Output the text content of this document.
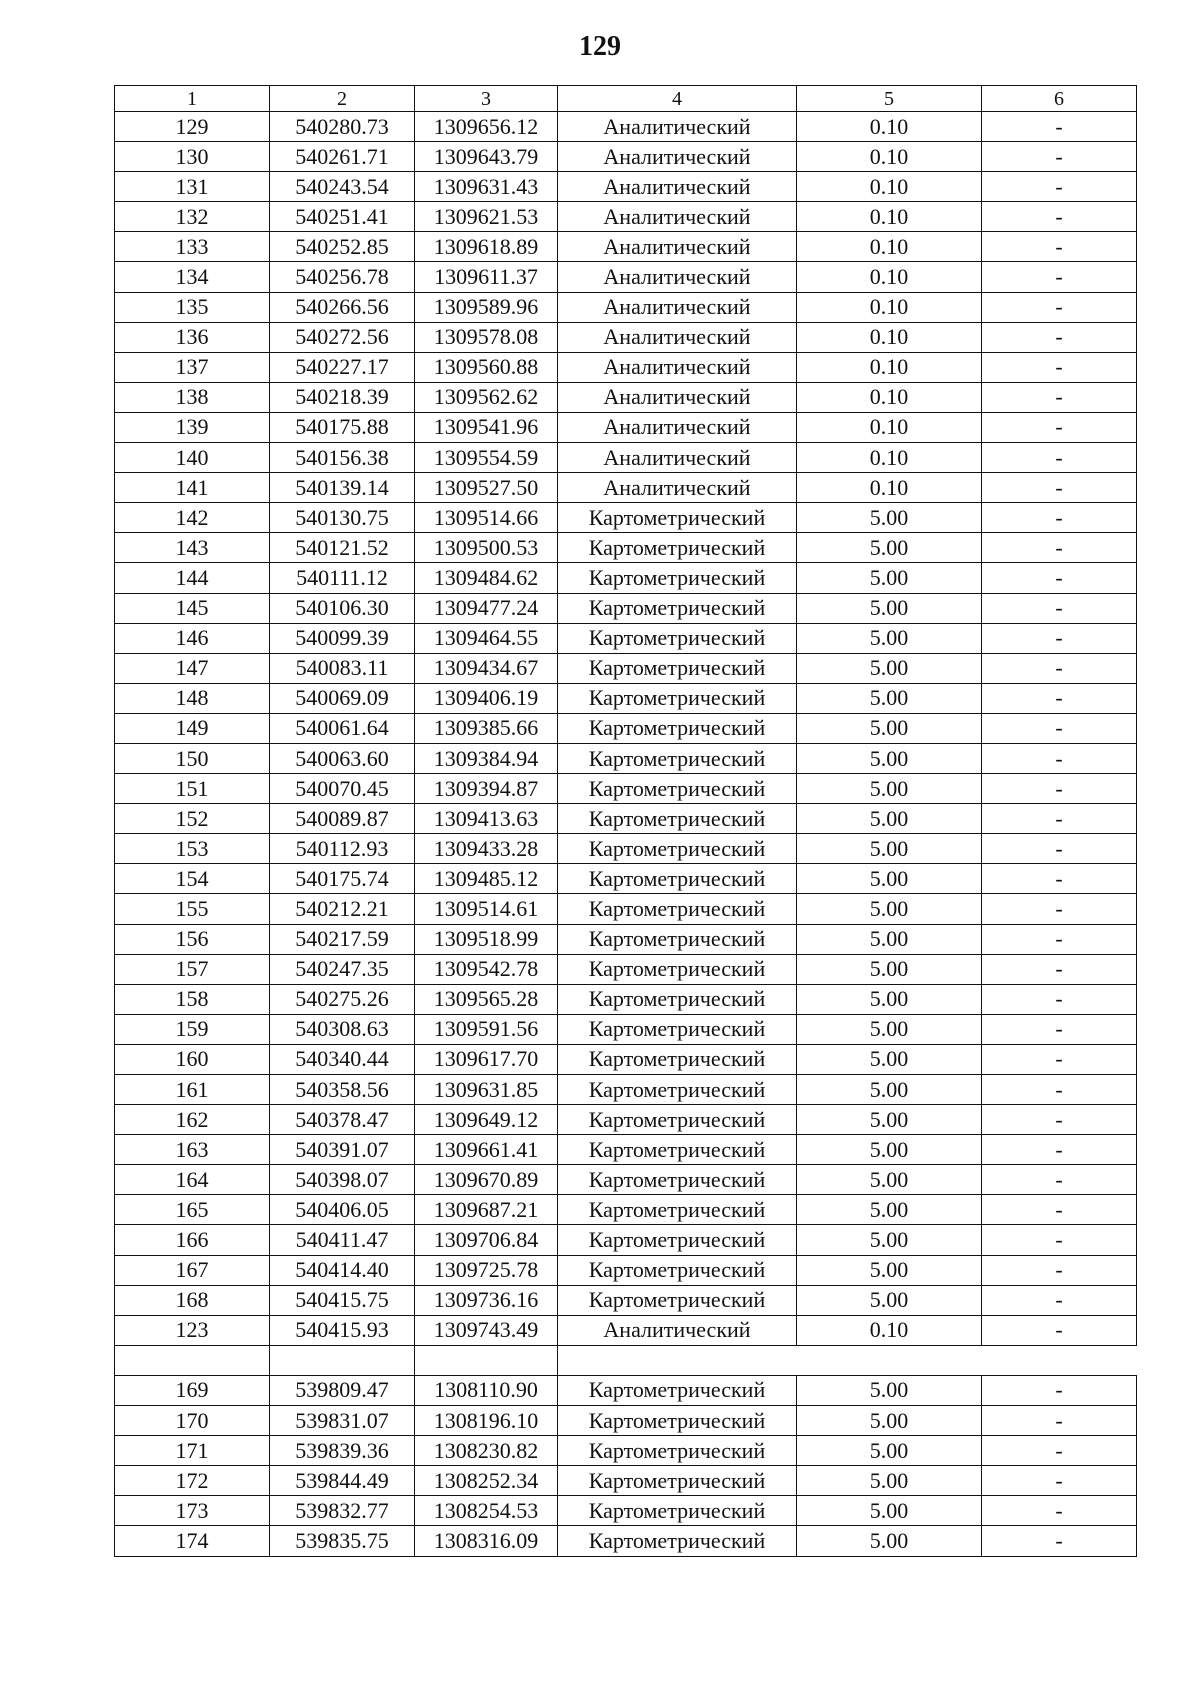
129
1	2	3	4	5	6
129	540280.73	1309656.12	Аналитический	0.10	-
130	540261.71	1309643.79	Аналитический	0.10	-
131	540243.54	1309631.43	Аналитический	0.10	-
132	540251.41	1309621.53	Аналитический	0.10	-
133	540252.85	1309618.89	Аналитический	0.10	-
134	540256.78	1309611.37	Аналитический	0.10	-
135	540266.56	1309589.96	Аналитический	0.10	-
136	540272.56	1309578.08	Аналитический	0.10	-
137	540227.17	1309560.88	Аналитический	0.10	-
138	540218.39	1309562.62	Аналитический	0.10	-
139	540175.88	1309541.96	Аналитический	0.10	-
140	540156.38	1309554.59	Аналитический	0.10	-
141	540139.14	1309527.50	Аналитический	0.10	-
142	540130.75	1309514.66	Картометрический	5.00	-
143	540121.52	1309500.53	Картометрический	5.00	-
144	540111.12	1309484.62	Картометрический	5.00	-
145	540106.30	1309477.24	Картометрический	5.00	-
146	540099.39	1309464.55	Картометрический	5.00	-
147	540083.11	1309434.67	Картометрический	5.00	-
148	540069.09	1309406.19	Картометрический	5.00	-
149	540061.64	1309385.66	Картометрический	5.00	-
150	540063.60	1309384.94	Картометрический	5.00	-
151	540070.45	1309394.87	Картометрический	5.00	-
152	540089.87	1309413.63	Картометрический	5.00	-
153	540112.93	1309433.28	Картометрический	5.00	-
154	540175.74	1309485.12	Картометрический	5.00	-
155	540212.21	1309514.61	Картометрический	5.00	-
156	540217.59	1309518.99	Картометрический	5.00	-
157	540247.35	1309542.78	Картометрический	5.00	-
158	540275.26	1309565.28	Картометрический	5.00	-
159	540308.63	1309591.56	Картометрический	5.00	-
160	540340.44	1309617.70	Картометрический	5.00	-
161	540358.56	1309631.85	Картометрический	5.00	-
162	540378.47	1309649.12	Картометрический	5.00	-
163	540391.07	1309661.41	Картометрический	5.00	-
164	540398.07	1309670.89	Картометрический	5.00	-
165	540406.05	1309687.21	Картометрический	5.00	-
166	540411.47	1309706.84	Картометрический	5.00	-
167	540414.40	1309725.78	Картометрический	5.00	-
168	540415.75	1309736.16	Картометрический	5.00	-
123	540415.93	1309743.49	Аналитический	0.10	-

169	539809.47	1308110.90	Картометрический	5.00	-
170	539831.07	1308196.10	Картометрический	5.00	-
171	539839.36	1308230.82	Картометрический	5.00	-
172	539844.49	1308252.34	Картометрический	5.00	-
173	539832.77	1308254.53	Картометрический	5.00	-
174	539835.75	1308316.09	Картометрический	5.00	-
